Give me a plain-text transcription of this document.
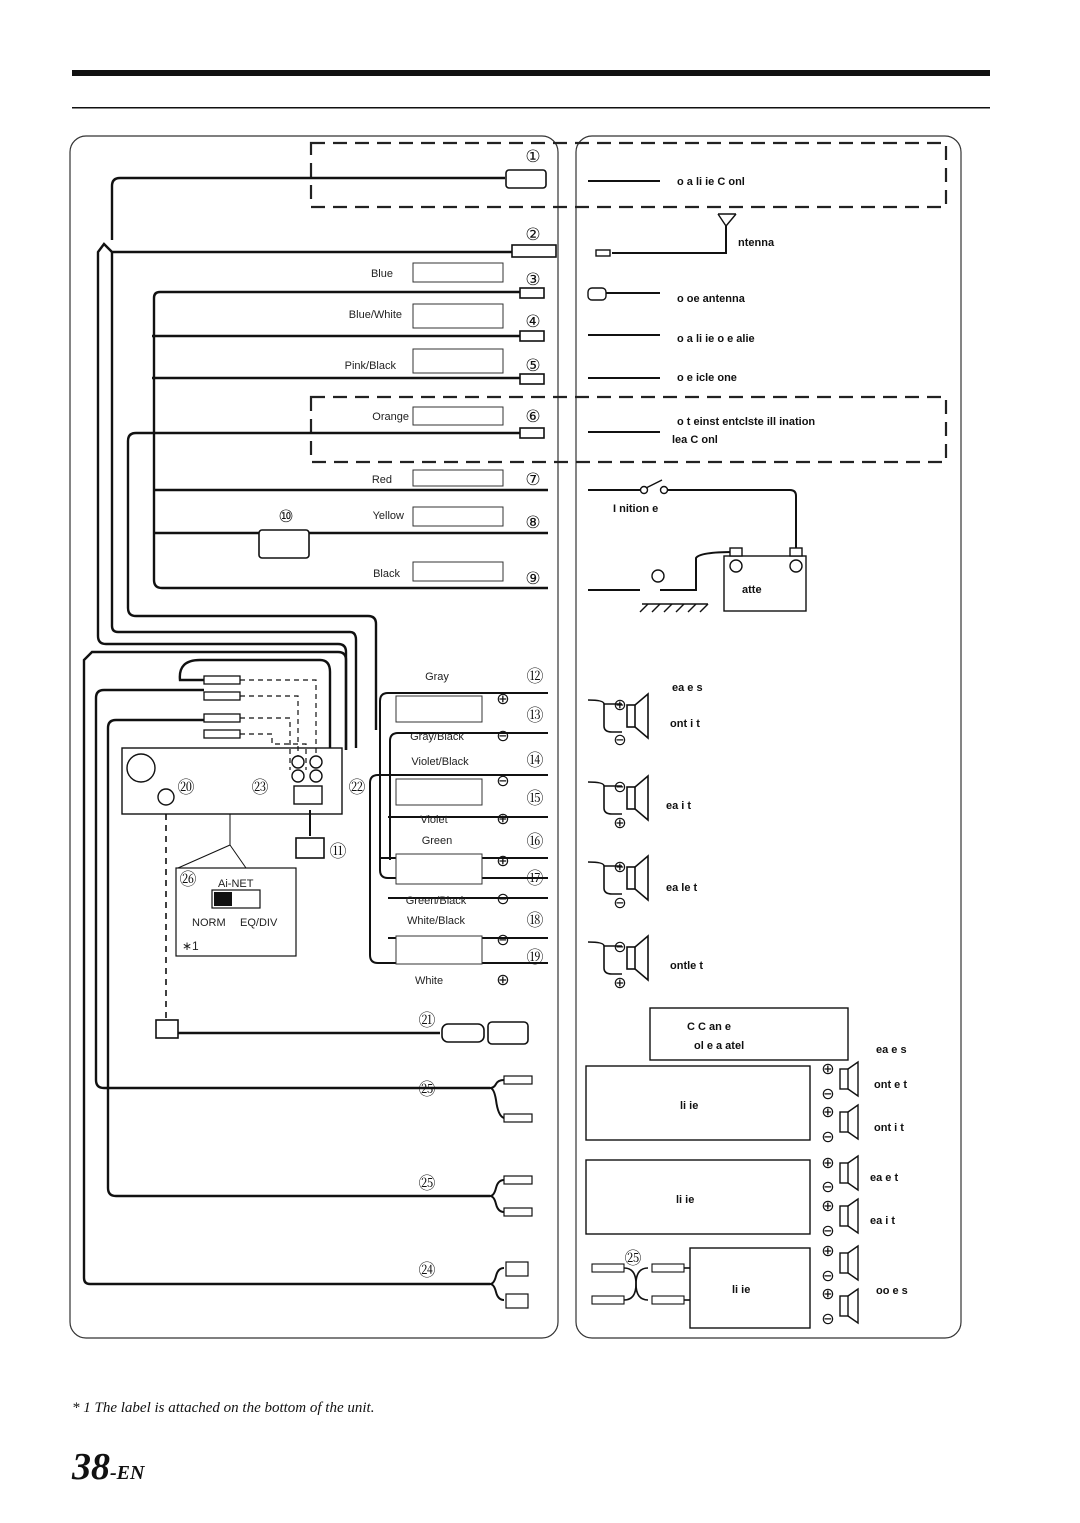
⊕
⊖
⊖
⊕
⊕
⊖
⊖
⊕
⊕
⊖
⊖
⊕
⊕
⊖
⊖
⊕
⊕
⊖
⊕
⊖
⊕
⊖
⊕
⊖
⊕
⊖
⊕
⊖
①
②
③
④
⑤
⑥
⑦
⑧
⑨
⑩
⑪
⑫
⑬
⑭
⑮
⑯
⑰
⑱
⑲
⑳
㉑
㉒
㉓
㉔
㉕
㉕
㉕
㉖
Blue
Blue/White
Pink/Black
Orange
Red
Yellow
Black
Gray
Gray/Black
Violet/Black
Violet
Green
Green/Black
White/Black
White
Ai-NET
NORM EQ/DIV
∗1
o a li ie C onl
ntenna
o oe antenna
o a li ie o e alie
o e icle one
o t einst entclste ill ination
lea C onl
I nition e
atte
ea e s
ont i t
ea i t
ea le t
ontle t
C C an e
ol e a atel	ea e s
ont e t
ont i t
ea e t
ea i t
oo e s
li ie
li ie
li ie
* 1 The label is attached on the bottom of the unit.
38-EN
